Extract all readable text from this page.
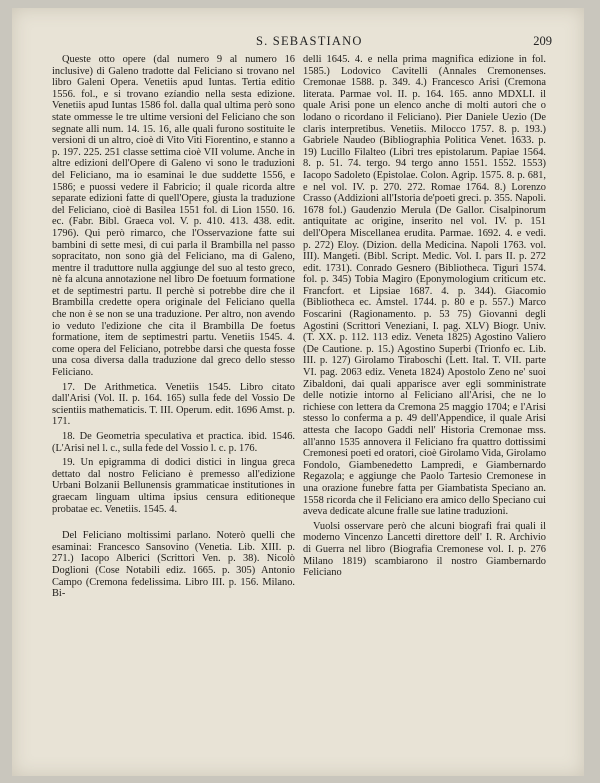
S. SEBASTIANO	209

Queste otto opere (dal numero 9 al numero 16 inclusive) di Galeno tradotte dal Feliciano si trovano nel libro Galeni Opera. Venetiis apud Iuntas. Tertia editio 1556. fol., e si trovano ezíandio nella sesta edizione. Venetiis apud Iuntas 1586 fol. dalla qual ultima però sono state ommesse le tre ultime versioni del Feliciano che son segnate alli num. 14. 15. 16, alle quali furono sostituite le versioni di un altro, cioè di Vito Viti Fiorentino, e stanno a p. 197. 225. 251 classe settima cioè VII volume. Anche in altre edizioni dell'Opere di Galeno vi sono le traduzioni del Feliciano, ma io esaminai le due suddette 1556, e 1586; e puossi vedere il Fabricio; il quale ricorda altre separate edizioni fatte di quell'Opere, giusta la traduzione del Feliciano, cioè di Basilea 1551 fol. di Lion 1550. 16. ec. (Fabr. Bibl. Graeca vol. V. p. 410. 413. 438. edit. 1796). Qui però rimarco, che l'Osservazione fatte sui bambini di sette mesi, di cui parla il Brambilla nel passo sopracitato, non sono già del Feliciano, ma di Galeno, mentre il traduttore nulla aggiunge del suo al testo greco, nè fa alcuna annotazione nel libro De foetuum formatione et de septimestri partu. Il perchè si potrebbe dire che il Brambilla credette opera originale del Feliciano quella che non è se non se una traduzione. Per altro, non avendo io veduto l'edizione che cita il Brambilla De foetus formatione, item de septimestri partu. Venetiis 1545. 4. come opera del Feliciano, potrebbe darsi che questa fosse una cosa diversa dalla traduzione dal greco dello stesso Feliciano.

17. De Arithmetica. Venetiis 1545. Libro citato dall'Arisi (Vol. II. p. 164. 165) sulla fede del Vossio De scientiis mathematicis. T. III. Operum. edit. 1696 Amst. p. 171.

18. De Geometria speculativa et practica. ibid. 1546. (L'Arisi nel l. c., sulla fede del Vossio l. c. p. 176.

19. Un epigramma di dodici distici in lingua greca dettato dal nostro Feliciano è premesso all'edizione Urbani Bolzanii Bellunensis grammaticae institutiones in graecam linguam ultima ipsius censura editioneque probatae ec. Venetiis. 1545. 4.

Del Feliciano moltissimi parlano. Noterò quelli che esaminai: Francesco Sansovino (Venetia. Lib. XIII. p. 271.) Iacopo Alberici (Scrittori Ven. p. 38). Nicolò Doglioni (Cose Notabili ediz. 1665. p. 305) Antonio Campo (Cremona fedelissima. Libro III. p. 156. Milano. Bi-

delli 1645. 4. e nella prima magnifica edizione in fol. 1585.) Lodovico Cavitelli (Annales Cremonenses. Cremonae 1588. p. 349. 4.) Francesco Arisi (Cremona literata. Parmae vol. II. p. 164. 165. anno MDXLI. il quale Arisi pone un elenco anche di molti autori che o lodano o ricordano il Feliciano). Pier Daniele Uezio (De claris interpretibus. Venetiis. Milocco 1757. 8. p. 193.) Gabriele Naudeo (Bibliographia Politica Venet. 1633. p. 19) Lucillo Filalteo (Libri tres epistolarum. Papiae 1564. 8. p. 51. 74. tergo. 94 tergo anno 1551. 1552. 1553) Iacopo Sadoleto (Epistolae. Colon. Agrip. 1575. 8. p. 681, e nel vol. IV. p. 270. 272. Romae 1764. 8.) Lorenzo Crasso (Addizioni all'Istoria de'poeti greci. p. 355. Napoli. 1678 fol.) Gaudenzio Merula (De Gallor. Cisalpinorum antiquitate ac origine, inserito nel vol. IV. p. 151 dell'Opera Miscellanea erudita. Parmae. 1692. 4. e vedi. p. 272) Eloy. (Dizion. della Medicina. Napoli 1763. vol. III). Mangeti. (Bibl. Script. Medic. Vol. I. pars II. p. 272 edit. 1731). Conrado Gesnero (Bibliotheca. Tiguri 1574. fol. p. 345) Tobia Magiro (Eponymologium criticum etc. Francfort. et Lipsiae 1687. 4. p. 344). Giacomio (Bibliotheca ec. Amstel. 1744. p. 80 e p. 557.) Marco Foscarini (Ragionamento. p. 53 75) Giovanni degli Agostini (Scrittori Veneziani, I. pag. XLV) Biogr. Univ. (T. XX. p. 112. 113 ediz. Veneta 1825) Agostino Valiero (De Cautione. p. 15.) Agostino Superbi (Trionfo ec. Lib. III. p. 127) Girolamo Tiraboschi (Lett. Ital. T. VII. parte VI. pag. 2063 ediz. Veneta 1824) Apostolo Zeno ne' suoi Zibaldoni, dai quali apparisce aver egli somministrate delle notizie intorno al Feliciano all'Arisi, che ne lo richiese con lettera da Cremona 25 maggio 1704; e l'Arisi stesso lo conferma a p. 49 dell'Appendice, il quale Arisi attesta che Iacopo Gaddi nell' Historia Cremonae mss. all'anno 1535 annovera il Feliciano fra quattro dottissimi Cremonesi poeti ed oratori, cioè Girolamo Vida, Girolamo Fondolo, Giambenedetto Lampredi, e Giambernardo Regazola; e aggiunge che Paolo Tartesio Cremonese in una orazione funebre fatta per Giambatista Speciano an. 1558 ricorda che il Feliciano era amico dello Speciano cui aveva dedicate alcune fralle sue latine traduzioni.

Vuolsi osservare però che alcuni biografi frai quali il moderno Vincenzo Lancetti direttore dell' I. R. Archivio di Guerra nel libro (Biografia Cremonese vol. I. p. 276 Milano 1819) scambiarono il nostro Giambernardo Feliciano
